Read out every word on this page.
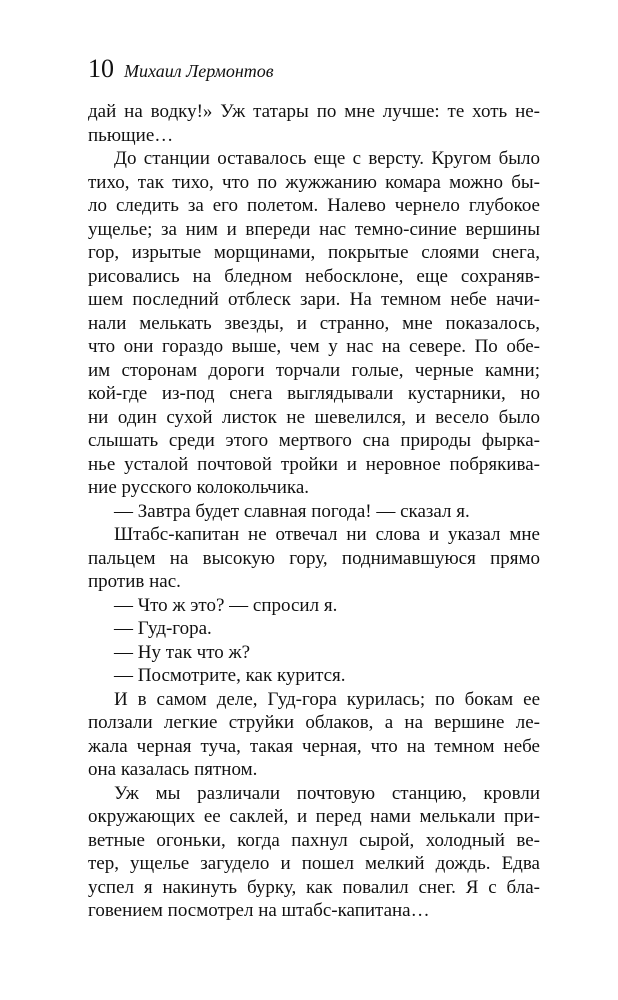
10 Михаил Лермонтов
дай на водку!» Уж татары по мне лучше: те хоть не-
пьющие…
До станции оставалось еще с версту. Кругом было
тихо, так тихо, что по жужжанию комара можно бы-
ло следить за его полетом. Налево чернело глубокое
ущелье; за ним и впереди нас темно-синие вершины
гор, изрытые морщинами, покрытые слоями снега,
рисовались на бледном небосклоне, еще сохраняв-
шем последний отблеск зари. На темном небе начи-
нали мелькать звезды, и странно, мне показалось,
что они гораздо выше, чем у нас на севере. По обе-
им сторонам дороги торчали голые, черные камни;
кой-где из-под снега выглядывали кустарники, но
ни один сухой листок не шевелился, и весело было
слышать среди этого мертвого сна природы фырка-
нье усталой почтовой тройки и неровное побрякива-
ние русского колокольчика.
— Завтра будет славная погода! — сказал я.
Штабс-капитан не отвечал ни слова и указал мне
пальцем на высокую гору, поднимавшуюся прямо
против нас.
— Что ж это? — спросил я.
— Гуд-гора.
— Ну так что ж?
— Посмотрите, как курится.
И в самом деле, Гуд-гора курилась; по бокам ее
ползали легкие струйки облаков, а на вершине ле-
жала черная туча, такая черная, что на темном небе
она казалась пятном.
Уж мы различали почтовую станцию, кровли
окружающих ее саклей, и перед нами мелькали при-
ветные огоньки, когда пахнул сырой, холодный ве-
тер, ущелье загудело и пошел мелкий дождь. Едва
успел я накинуть бурку, как повалил снег. Я с бла-
говением посмотрел на штабс-капитана…
